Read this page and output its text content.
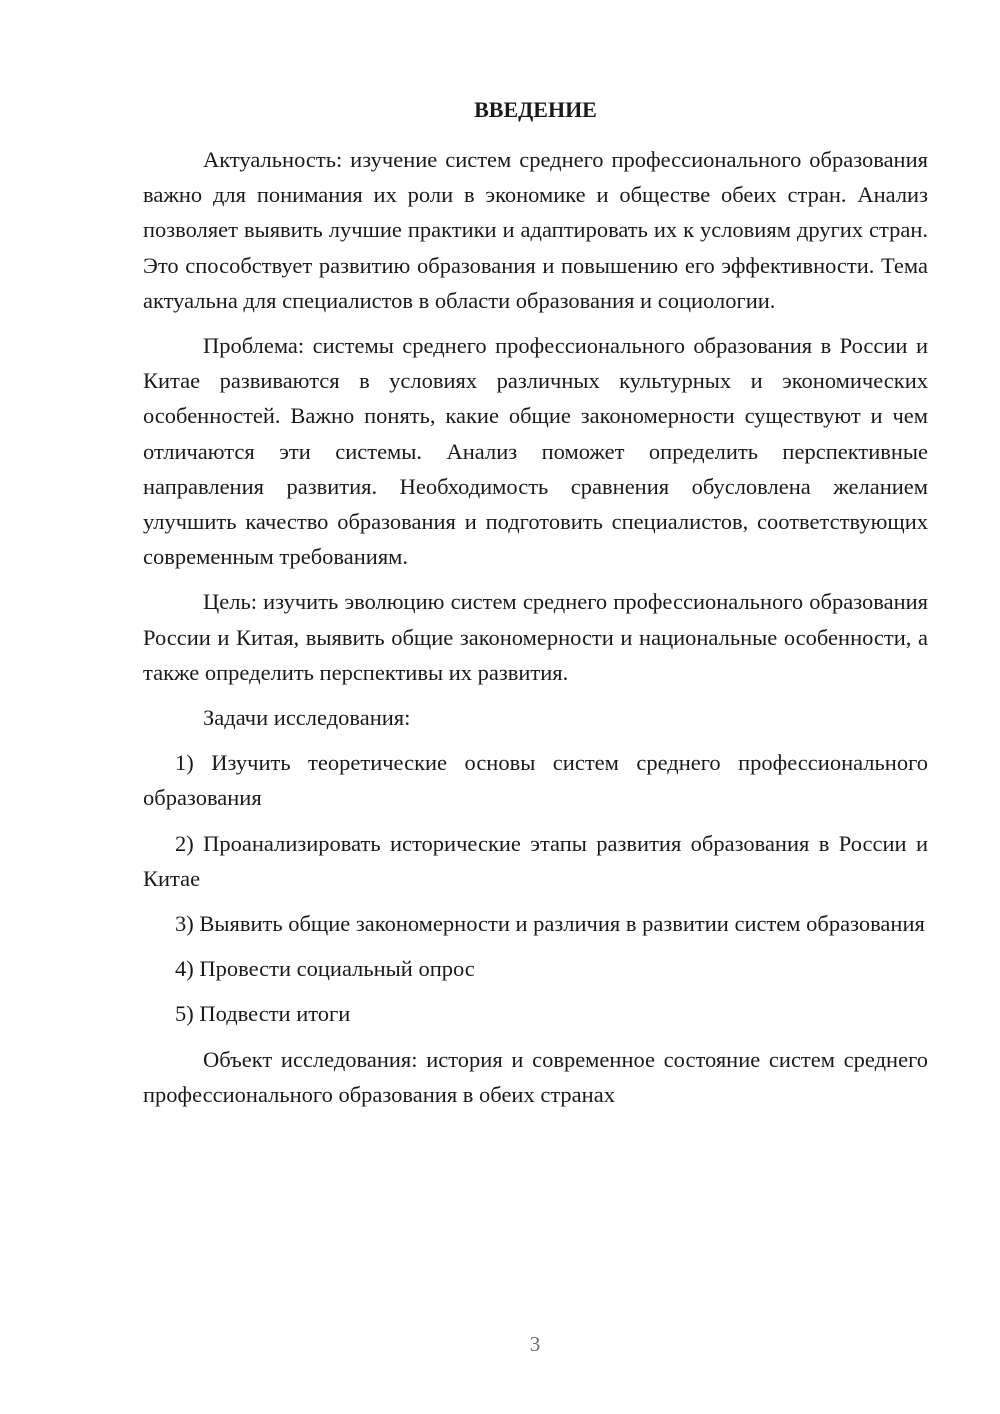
ВВЕДЕНИЕ

Актуальность: изучение систем среднего профессионального образования важно для понимания их роли в экономике и обществе обеих стран. Анализ позволяет выявить лучшие практики и адаптировать их к условиям других стран. Это способствует развитию образования и повышению его эффективности. Тема актуальна для специалистов в области образования и социологии.

Проблема: системы среднего профессионального образования в России и Китае развиваются в условиях различных культурных и экономических особенностей. Важно понять, какие общие закономерности существуют и чем отличаются эти системы. Анализ поможет определить перспективные направления развития. Необходимость сравнения обусловлена желанием улучшить качество образования и подготовить специалистов, соответствующих современным требованиям.

Цель: изучить эволюцию систем среднего профессионального образования России и Китая, выявить общие закономерности и национальные особенности, а также определить перспективы их развития.

Задачи исследования:

1) Изучить теоретические основы систем среднего профессионального образования

2) Проанализировать исторические этапы развития образования в России и Китае

3) Выявить общие закономерности и различия в развитии систем образования

4) Провести социальный опрос

5) Подвести итоги

Объект исследования: история и современное состояние систем среднего профессионального образования в обеих странах

3
